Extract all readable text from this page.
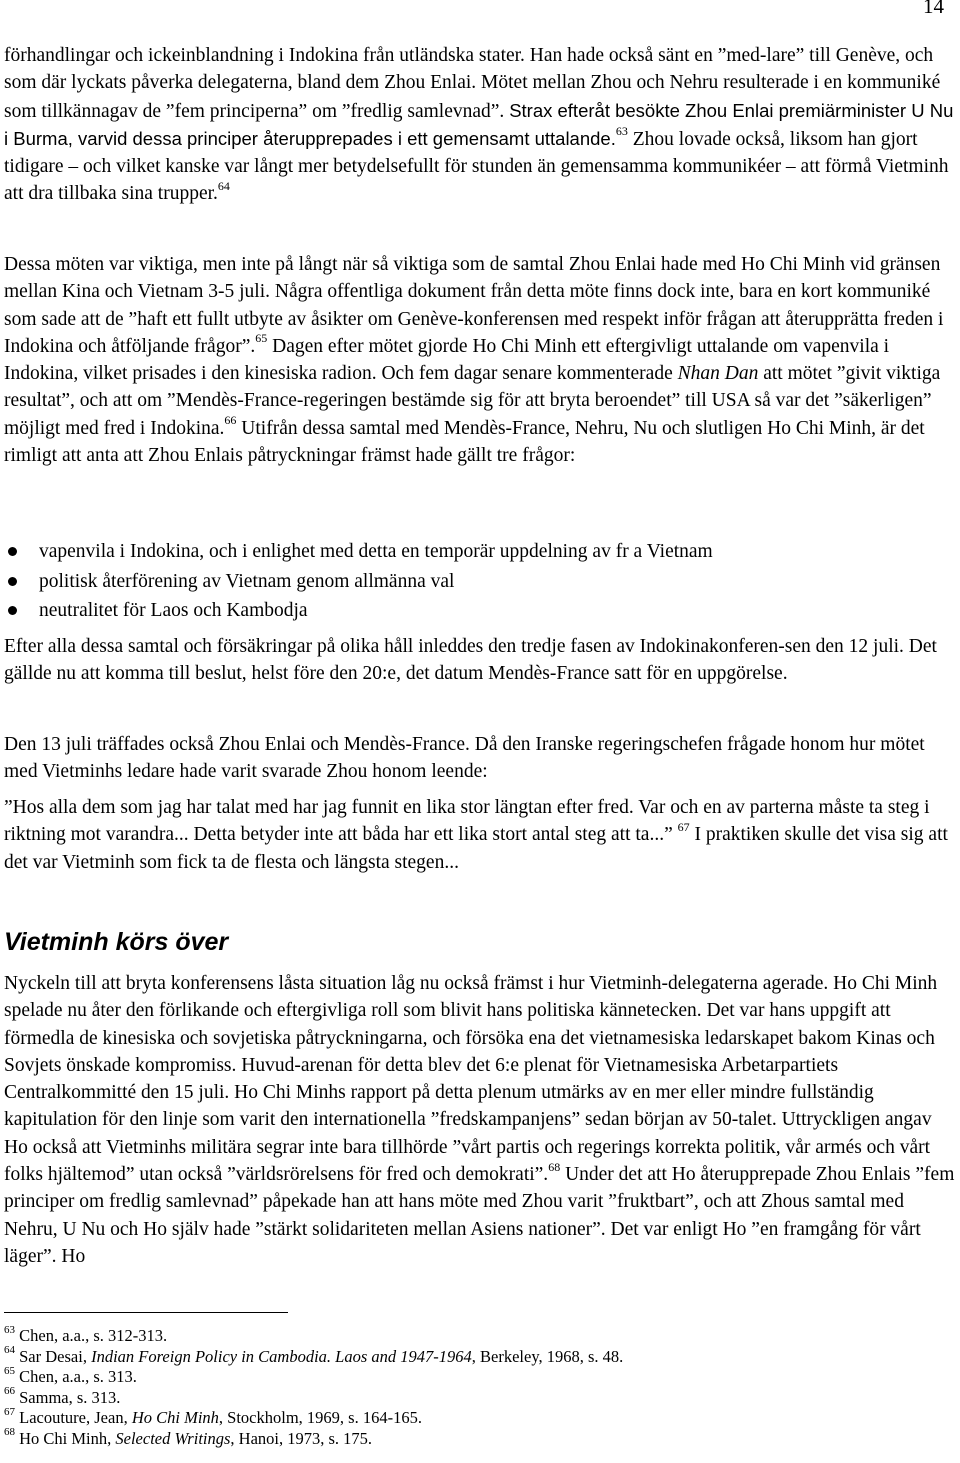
14

förhandlingar och ickeinblandning i Indokina från utländska stater. Han hade också sänt en ”med-lare” till Genève, och som där lyckats påverka delegaterna, bland dem Zhou Enlai. Mötet mellan Zhou och Nehru resulterade i en kommuniké som tillkännagav de ”fem principerna” om ”fredlig samlevnad”. Strax efteråt besökte Zhou Enlai premiärminister U Nu i Burma, varvid dessa principer återupprepades i ett gemensamt uttalande.$^{63}$ Zhou lovade också, liksom han gjort tidigare – och vilket kanske var långt mer betydelsefullt för stunden än gemensamma kommunikéer – att förmå Vietminh att dra tillbaka sina trupper.$^{64}$

Dessa möten var viktiga, men inte på långt när så viktiga som de samtal Zhou Enlai hade med Ho Chi Minh vid gränsen mellan Kina och Vietnam 3-5 juli. Några offentliga dokument från detta möte finns dock inte, bara en kort kommuniké som sade att de ”haft ett fullt utbyte av åsikter om Genève-konferensen med respekt inför frågan att återupprätta freden i Indokina och åtföljande frågor”.$^{65}$ Dagen efter mötet gjorde Ho Chi Minh ett eftergivligt uttalande om vapenvila i Indokina, vilket prisades i den kinesiska radion. Och fem dagar senare kommenterade Nhan Dan att mötet ”givit viktiga resultat”, och att om ”Mendès-France-regeringen bestämde sig för att bryta beroendet” till USA så var det ”säkerligen” möjligt med fred i Indokina.$^{66}$ Utifrån dessa samtal med Mendès-France, Nehru, Nu och slutligen Ho Chi Minh, är det rimligt att anta att Zhou Enlais påtryckningar främst hade gällt tre frågor:

vapenvila i Indokina, och i enlighet med detta en temporär uppdelning av fr a Vietnam
politisk återförening av Vietnam genom allmänna val
neutralitet för Laos och Kambodja

Efter alla dessa samtal och försäkringar på olika håll inleddes den tredje fasen av Indokinakonferen-sen den 12 juli. Det gällde nu att komma till beslut, helst före den 20:e, det datum Mendès-France satt för en uppgörelse.

Den 13 juli träffades också Zhou Enlai och Mendès-France. Då den Iranske regeringschefen frågade honom hur mötet med Vietminhs ledare hade varit svarade Zhou honom leende:

”Hos alla dem som jag har talat med har jag funnit en lika stor längtan efter fred. Var och en av parterna måste ta steg i riktning mot varandra... Detta betyder inte att båda har ett lika stort antal steg att ta...” $^{67}$ I praktiken skulle det visa sig att det var Vietminh som fick ta de flesta och längsta stegen...

Vietminh körs över

Nyckeln till att bryta konferensens låsta situation låg nu också främst i hur Vietminh-delegaterna agerade. Ho Chi Minh spelade nu åter den förlikande och eftergivliga roll som blivit hans politiska kännetecken. Det var hans uppgift att förmedla de kinesiska och sovjetiska påtryckningarna, och försöka ena det vietnamesiska ledarskapet bakom Kinas och Sovjets önskade kompromiss. Huvud-arenan för detta blev det 6:e plenat för Vietnamesiska Arbetarpartiets Centralkommitté den 15 juli. Ho Chi Minhs rapport på detta plenum utmärks av en mer eller mindre fullständig kapitulation för den linje som varit den internationella ”fredskampanjens” sedan början av 50-talet. Uttryckligen angav Ho också att Vietminhs militära segrar inte bara tillhörde ”vårt partis och regerings korrekta politik, vår armés och vårt folks hjältemod” utan också ”världsrörelsens för fred och demokrati”.$^{68}$ Under det att Ho återupprepade Zhou Enlais ”fem principer om fredlig samlevnad” påpekade han att hans möte med Zhou varit ”fruktbart”, och att Zhous samtal med Nehru, U Nu och Ho själv hade ”stärkt solidariteten mellan Asiens nationer”. Det var enligt Ho ”en framgång för vårt läger”. Ho

$^{63}$ Chen, a.a., s. 312-313.
$^{64}$ Sar Desai, Indian Foreign Policy in Cambodia. Laos and 1947-1964, Berkeley, 1968, s. 48.
$^{65}$ Chen, a.a., s. 313.
$^{66}$ Samma, s. 313.
$^{67}$ Lacouture, Jean, Ho Chi Minh, Stockholm, 1969, s. 164-165.
$^{68}$ Ho Chi Minh, Selected Writings, Hanoi, 1973, s. 175.
